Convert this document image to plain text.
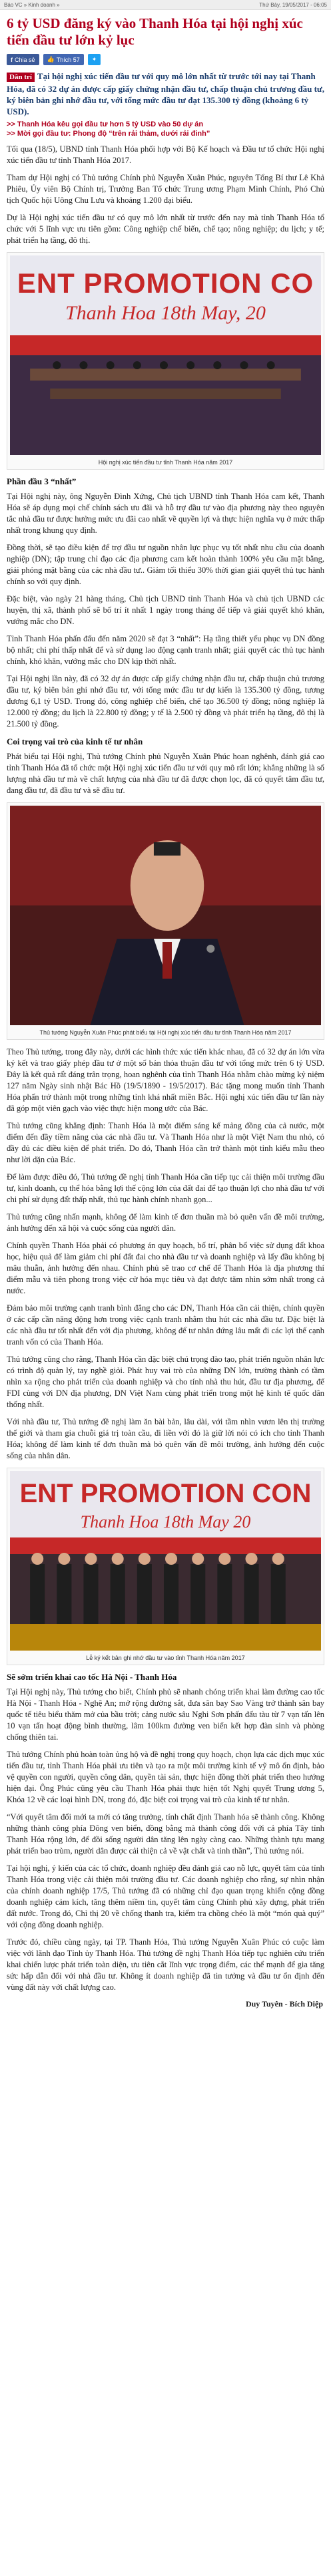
Báo VC » Kinh doanh »	Thứ Bảy, 19/05/2017 - 06:05
6 tỷ USD đăng ký vào Thanh Hóa tại hội nghị xúc tiến đầu tư lớn kỷ lục
f Chia sẻ 👍 Thích 57 ✦
Dân trí Tại hội nghị xúc tiến đầu tư với quy mô lớn nhất từ trước tới nay tại Thanh Hóa, đã có 32 dự án được cấp giấy chứng nhận đầu tư, chấp thuận chủ trương đầu tư, ký biên bản ghi nhớ đầu tư, với tổng mức đầu tư đạt 135.300 tỷ đồng (khoảng 6 tỷ USD).
>> Thanh Hóa kêu gọi đầu tư hơn 5 tỷ USD vào 50 dự án
>> Mời gọi đầu tư: Phong độ “trên rải thảm, dưới rải đinh”

Tối qua (18/5), UBND tỉnh Thanh Hóa phối hợp với Bộ Kế hoạch và Đầu tư tổ chức Hội nghị xúc tiến đầu tư tỉnh Thanh Hóa 2017.

Tham dự Hội nghị có Thủ tướng Chính phủ Nguyễn Xuân Phúc, nguyên Tổng Bí thư Lê Khả Phiêu, Ủy viên Bộ Chính trị, Trưởng Ban Tổ chức Trung ương Phạm Minh Chính, Phó Chủ tịch Quốc hội Uông Chu Lưu và khoảng 1.200 đại biểu.

Dự là Hội nghị xúc tiến đầu tư có quy mô lớn nhất từ trước đến nay mà tỉnh Thanh Hóa tổ chức với 5 lĩnh vực ưu tiên gồm: Công nghiệp chế biến, chế tạo; nông nghiệp; du lịch; y tế; phát triển hạ tầng, đô thị.

ENT PROMOTION CO
Thanh Hoa 18th May, 20
Hội nghị xúc tiến đầu tư tỉnh Thanh Hóa năm 2017
Phần đầu 3 “nhất”

Tại Hội nghị này, ông Nguyễn Đình Xứng, Chủ tịch UBND tỉnh Thanh Hóa cam kết, Thanh Hóa sẽ áp dụng mọi chế chính sách ưu đãi và hỗ trợ đầu tư vào địa phương này theo nguyên tắc nhà đầu tư được hưởng mức ưu đãi cao nhất về quyền lợi và thực hiện nghĩa vụ ở mức thấp nhất trong khung quy định.

Đồng thời, sẽ tạo điều kiện để trợ đầu tư nguồn nhân lực phục vụ tốt nhất nhu cầu của doanh nghiệp (DN); tập trung chỉ đạo các địa phương cam kết hoàn thành 100% yêu cầu mặt bằng, giải phóng mặt bằng của các nhà đầu tư.. Giảm tối thiểu 30% thời gian giải quyết thủ tục hành chính so với quy định.

Đặc biệt, vào ngày 21 hàng tháng, Chủ tịch UBND tỉnh Thanh Hóa và chủ tịch UBND các huyện, thị xã, thành phố sẽ bố trí ít nhất 1 ngày trong tháng để tiếp và giải quyết khó khăn, vướng mắc cho DN.

Tỉnh Thanh Hóa phấn đấu đến năm 2020 sẽ đạt 3 “nhất”: Hạ tầng thiết yếu phục vụ DN đồng bộ nhất; chi phí thấp nhất để và sử dụng lao động cạnh tranh nhất; giải quyết các thủ tục hành chính, khó khăn, vướng mắc cho DN kịp thời nhất.

Tại Hội nghị lần này, đã có 32 dự án được cấp giấy chứng nhận đầu tư, chấp thuận chủ trương đầu tư, ký biên bản ghi nhớ đầu tư, với tổng mức đầu tư dự kiến là 135.300 tỷ đồng, tương đương 6,1 tỷ USD. Trong đó, công nghiệp chế biến, chế tạo 36.500 tỷ đồng; nông nghiệp là 12.000 tỷ đồng; du lịch là 22.800 tỷ đồng; y tế là 2.500 tỷ đồng và phát triển hạ tầng, đô thị là 21.500 tỷ đồng.

Coi trọng vai trò của kinh tế tư nhân

Phát biểu tại Hội nghị, Thủ tướng Chính phủ Nguyễn Xuân Phúc hoan nghênh, đánh giá cao tỉnh Thanh Hóa đã tổ chức một Hội nghị xúc tiến đầu tư với quy mô rất lớn; khẳng những là số lượng nhà đầu tư mà về chất lượng của nhà đầu tư đã được chọn lọc, đã có quyết tâm đầu tư, đang đầu tư, đã đầu tư và sẽ đầu tư.

Thủ tướng Nguyễn Xuân Phúc phát biểu tại Hội nghị xúc tiến đầu tư tỉnh Thanh Hóa năm 2017

Theo Thủ tướng, trong đây này, dưới các hình thức xúc tiến khác nhau, đã có 32 dự án lớn vừa ký kết và trao giấy phép đầu tư ở một số bản thỏa thuận đầu tư với tổng mức trên 6 tỷ USD. Đây là kết quả rất đáng trân trọng, hoan nghênh của tỉnh Thanh Hóa nhằm chào mừng kỷ niệm 127 năm Ngày sinh nhật Bác Hồ (19/5/1890 - 19/5/2017). Bác tặng mong muốn tỉnh Thanh Hóa phấn trở thành một trong những tỉnh khá nhất miền Bắc. Hội nghị xúc tiến đầu tư lần này đã góp một viên gạch vào việc thực hiện mong ước của Bác.

Thủ tướng cũng khẳng định: Thanh Hóa là một điểm sáng kể mảng đồng của cả nước, một điểm đến đầy tiềm năng của các nhà đầu tư. Và Thanh Hóa như là một Việt Nam thu nhỏ, có đầy đủ các điều kiện để phát triển. Do đó, Thanh Hóa cần trở thành một tỉnh kiểu mẫu theo như lời dặn của Bác.

Để làm được điều đó, Thủ tướng đề nghị tỉnh Thanh Hóa cần tiếp tục cải thiện môi trường đầu tư, kinh doanh, cụ thể hóa bằng lợi thế cộng lớn của đất đai để tạo thuận lợi cho nhà đầu tư với chi phí sử dụng đất thấp nhất, thủ tục hành chính nhanh gọn...

Thủ tướng cũng nhấn mạnh, không để làm kinh tế đơn thuần mà bỏ quên vấn đề môi trường, ảnh hưởng đến xã hội và cuộc sống của người dân.

Chính quyền Thanh Hóa phải có phương án quy hoạch, bố trí, phân bố việc sử dụng đất khoa học, hiệu quả để làm giảm chi phí đất đai cho nhà đầu tư và doanh nghiệp và lấy đầu không bị mâu thuẫn, ảnh hưởng đến nhau. Chính phủ sẽ trao cơ chế để Thanh Hóa là địa phương thí điểm mẫu và tiên phong trong việc cử hóa mục tiêu và đạt được tăm nhìn sớm nhất trong cả nước.

Đảm bảo môi trường cạnh tranh bình đẳng cho các DN, Thanh Hóa cần cải thiện, chính quyền ở các cấp cần năng động hơn trong việc cạnh tranh nhằm thu hút các nhà đầu tư. Đặc biệt là các nhà đầu tư tốt nhất đến với địa phương, không để tư nhân đứng lâu mất đi các lợi thế cạnh tranh vốn có của Thanh Hóa.

Thủ tướng cũng cho rằng, Thanh Hóa cần đặc biệt chú trọng đào tạo, phát triển nguồn nhân lực có trình độ quản lý, tay nghề giỏi. Phát huy vai trò của những DN lớn, trường thành có tầm nhìn xa rộng cho phát triển của doanh nghiệp và cho tính nhà thu hút, đầu tư địa phương, để FDI cùng với DN địa phương, DN Việt Nam cùng phát triển trong một hệ kinh tế quốc dân thống nhất.

Với nhà đầu tư, Thủ tướng đề nghị làm ăn bài bản, lâu dài, với tầm nhìn vươn lên thị trường thế giới và tham gia chuỗi giá trị toàn cầu, đi liền với đó là giữ lời nói có ích cho tỉnh Thanh Hóa; không để làm kinh tế đơn thuần mà bỏ quên vấn đề môi trường, ảnh hưởng đến cuộc sống của nhân dân.

ENT PROMOTION CON
Thanh Hoa 18th May 20
Lễ ký kết bản ghi nhớ đầu tư vào tỉnh Thanh Hóa năm 2017
Sẽ sớm triển khai cao tốc Hà Nội - Thanh Hóa

Tại Hội nghị này, Thủ tướng cho biết, Chính phủ sẽ nhanh chóng triển khai làm đường cao tốc Hà Nội - Thanh Hóa - Nghệ An; mở rộng đường sắt, đưa sân bay Sao Vàng trở thành sân bay quốc tế tiêu biểu thăm mở của bầu trời; cảng nước sâu Nghi Sơn phấn đấu tàu từ 7 vạn tấn lên 10 vạn tấn hoạt động bình thường, lâm 100km đường ven biển kết hợp đàn sinh và phòng chống thiên tai.

Thủ tướng Chính phủ hoàn toàn ủng hộ và đề nghị trong quy hoạch, chọn lựa các dịch mục xúc tiến đầu tư, tỉnh Thanh Hóa phải ưu tiên và tạo ra một môi trường kinh tế vỹ mô ổn định, bảo vệ quyền con người, quyền công dân, quyền tài sản, thực hiện đồng thời phát triển theo hướng hiện đại. Ông Phúc cũng yêu cầu Thanh Hóa phải thực hiện tốt Nghị quyết Trung ương 5, Khóa 12 về các loại hình DN, trong đó, đặc biệt coi trọng vai trò của kinh tế tư nhân.

“Với quyết tâm đổi mới ta mới có tăng trưởng, tính chất định Thanh hóa sẽ thành công. Không những thành công phía Đông ven biển, đồng bằng mà thành công đối với cả phía Tây tỉnh Thanh Hóa rộng lớn, để đồi sống người dân tăng lên ngày càng cao. Những thành tựu mang phát triển bao trùm, người dân được cải thiện cả về vật chất và tinh thần”, Thủ tướng nói.

Tại hội nghị, ý kiến của các tổ chức, doanh nghiệp đều đánh giá cao nỗ lực, quyết tâm của tỉnh Thanh Hóa trong việc cải thiện môi trường đầu tư. Các doanh nghiệp cho rằng, sự nhìn nhận của chính doanh nghiệp 17/5, Thủ tướng đã có những chỉ đạo quan trọng khiến cộng đồng doanh nghiệp cảm kích, tăng thêm niềm tin, quyết tâm cùng Chính phủ xây dựng, phát triển đất nước. Trong đó, Chỉ thị 20 về chống thanh tra, kiểm tra chồng chéo là một “món quà quý” với cộng đồng doanh nghiệp.

Trước đó, chiều cùng ngày, tại TP. Thanh Hóa, Thủ tướng Nguyễn Xuân Phúc có cuộc làm việc với lãnh đạo Tỉnh ủy Thanh Hóa. Thủ tướng đề nghị Thanh Hóa tiếp tục nghiên cứu triển khai chiến lược phát triển toàn diện, ưu tiên cắt lĩnh vực trọng điểm, các thể mạnh để gia tăng sức hấp dẫn đối với nhà đầu tư. Không ít doanh nghiệp đã tin tưởng và đầu tư ổn định đến vùng đất này với chất lượng cao.

Duy Tuyên - Bích Diệp
